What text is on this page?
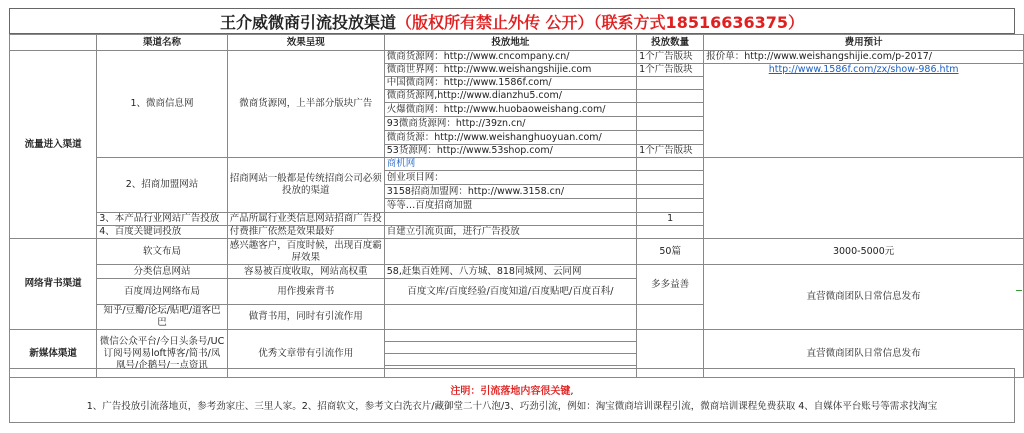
王介威微商引流投放渠道 （版权所有禁止外传 公开）（联系方式18516636375）
	渠道名称	效果呈现	投放地址	投放数量	费用预计
流量进入渠道	1、微商信息网	微商货源网，上半部分版块广告	微商货源网：http://www.cncompany.cn/	1个广告版块	报价单：http://www.weishangshijie.com/p-2017/
			微商世界网：http://www.weishangshijie.com	1个广告版块	http://www.1586f.com/zx/show-986.htm
			中国微商网：http://www.1586f.com/		
			微商货源网,http://www.dianzhu5.com/		
			火爆微商网：http://www.huobaoweishang.com/		
			93微商货源网：http://39zn.cn/		
			微商货源：http://www.weishanghuoyuan.com/		
			53货源网：http://www.53shop.com/	1个广告版块	
	2、招商加盟网站	招商网站一般都是传统招商公司必须投放的渠道	商机网		
			创业项目网：		
			3158招商加盟网：http://www.3158.cn/		
			等等…百度招商加盟		
	3、本产品行业网站广告投放	产品所属行业类信息网站招商广告投		1	
	4、百度关键词投放	付费推广依然是效果最好	自建立引流页面，进行广告投放		
网络背书渠道	软文布局	感兴趣客户，百度时候，出现百度霸屏效果		50篇	3000-5000元
	分类信息网站	容易被百度收取，网站高权重	58,赶集百姓网、八方城、818同城网、云同网	多多益善	直营微商团队日常信息发布
	百度周边网络布局	用作搜索背书	百度文库/百度经验/百度知道/百度贴吧/百度百科/		
	知乎/豆瓣/论坛/贴吧/道客巴巴	做背书用，同时有引流作用			
新媒体渠道	微信公众平台/今日头条号/UC订阅号网易loft博客/简书/凤凰号/企鹅号/一点资讯	优秀文章带有引流作用			直营微商团队日常信息发布

注明：引流落地内容很关键,
1、广告投放引流落地页，参考劲家庄、三里人家。2、招商软文，参考文白洗衣片/藏御堂二十八泡/3、巧劲引流，例如：淘宝微商培训课程引流，微商培训课程免费获取 4、自媒体平台账号等需求找淘宝
